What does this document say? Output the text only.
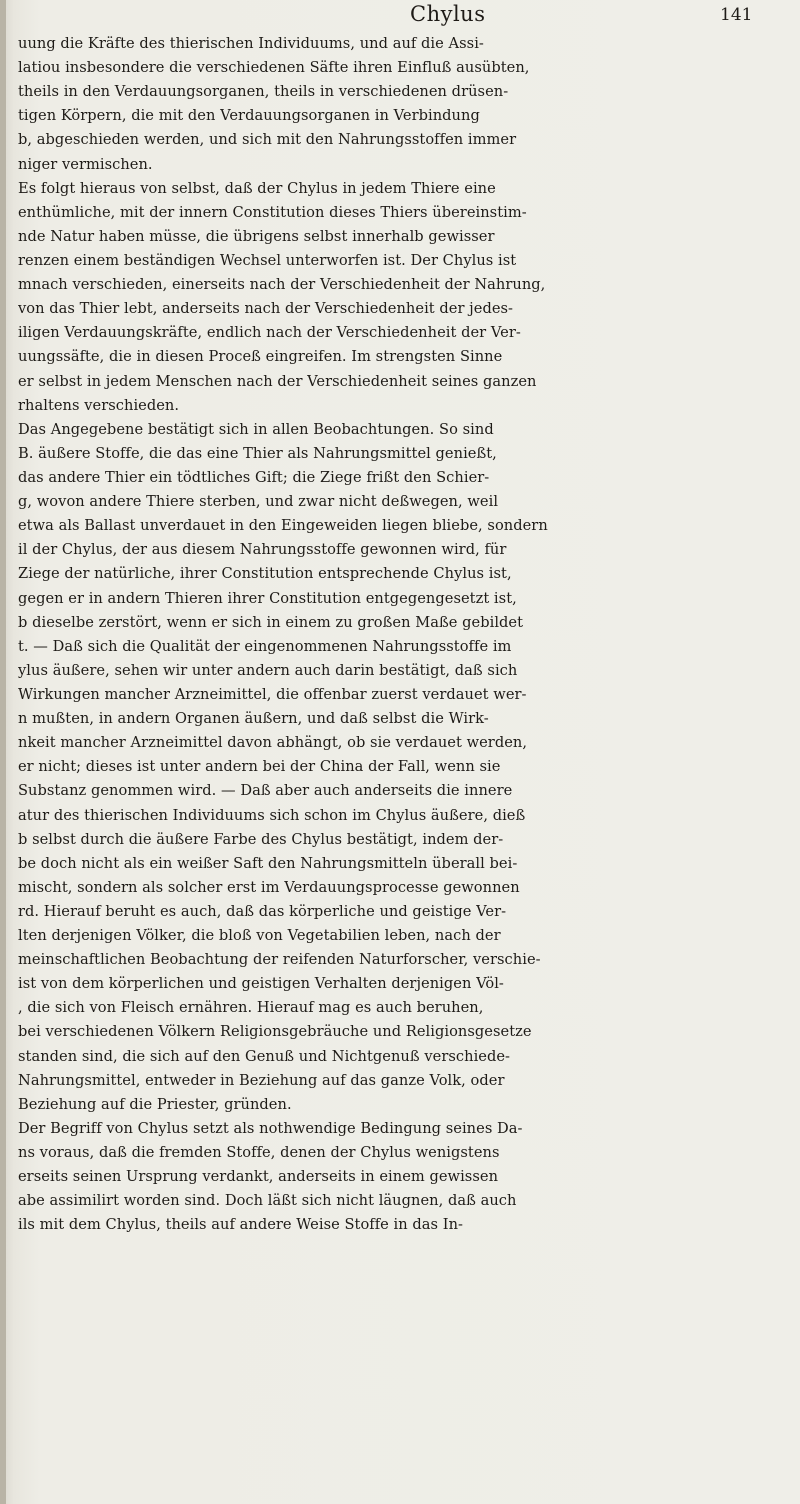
Chylus	141
uung die Kräfte des thierischen Individuums, und auf die Assi-
latiou insbesondere die verschiedenen Säfte ihren Einfluß ausübten,
theils in den Verdauungsorganen, theils in verschiedenen drüsen-
tigen Körpern, die mit den Verdauungsorganen in Verbindung
b, abgeschieden werden, und sich mit den Nahrungsstoffen immer
niger vermischen.
Es folgt hieraus von selbst, daß der Chylus in jedem Thiere eine
enthümliche, mit der innern Constitution dieses Thiers übereinstim-
nde Natur haben müsse, die übrigens selbst innerhalb gewisser
renzen einem beständigen Wechsel unterworfen ist. Der Chylus ist
mnach verschieden, einerseits nach der Verschiedenheit der Nahrung,
von das Thier lebt, anderseits nach der Verschiedenheit der jedes-
iligen Verdauungskräfte, endlich nach der Verschiedenheit der Ver-
uungssäfte, die in diesen Proceß eingreifen. Im strengsten Sinne
er selbst in jedem Menschen nach der Verschiedenheit seines ganzen
rhaltens verschieden.
Das Angegebene bestätigt sich in allen Beobachtungen. So sind
B. äußere Stoffe, die das eine Thier als Nahrungsmittel genießt,
das andere Thier ein tödtliches Gift; die Ziege frißt den Schier-
g, wovon andere Thiere sterben, und zwar nicht deßwegen, weil
etwa als Ballast unverdauet in den Eingeweiden liegen bliebe, sondern
il der Chylus, der aus diesem Nahrungsstoffe gewonnen wird, für
Ziege der natürliche, ihrer Constitution entsprechende Chylus ist,
gegen er in andern Thieren ihrer Constitution entgegengesetzt ist,
b dieselbe zerstört, wenn er sich in einem zu großen Maße gebildet
t. — Daß sich die Qualität der eingenommenen Nahrungsstoffe im
ylus äußere, sehen wir unter andern auch darin bestätigt, daß sich
Wirkungen mancher Arzneimittel, die offenbar zuerst verdauet wer-
n mußten, in andern Organen äußern, und daß selbst die Wirk-
nkeit mancher Arzneimittel davon abhängt, ob sie verdauet werden,
er nicht; dieses ist unter andern bei der China der Fall, wenn sie
Substanz genommen wird. — Daß aber auch anderseits die innere
atur des thierischen Individuums sich schon im Chylus äußere, dieß
b selbst durch die äußere Farbe des Chylus bestätigt, indem der-
be doch nicht als ein weißer Saft den Nahrungsmitteln überall bei-
mischt, sondern als solcher erst im Verdauungsprocesse gewonnen
rd. Hierauf beruht es auch, daß das körperliche und geistige Ver-
lten derjenigen Völker, die bloß von Vegetabilien leben, nach der
meinschaftlichen Beobachtung der reifenden Naturforscher, verschie-
ist von dem körperlichen und geistigen Verhalten derjenigen Völ-
, die sich von Fleisch ernähren. Hierauf mag es auch beruhen,
bei verschiedenen Völkern Religionsgebräuche und Religionsgesetze
standen sind, die sich auf den Genuß und Nichtgenuß verschiede-
Nahrungsmittel, entweder in Beziehung auf das ganze Volk, oder
Beziehung auf die Priester, gründen.
Der Begriff von Chylus setzt als nothwendige Bedingung seines Da-
ns voraus, daß die fremden Stoffe, denen der Chylus wenigstens
erseits seinen Ursprung verdankt, anderseits in einem gewissen
abe assimilirt worden sind. Doch läßt sich nicht läugnen, daß auch
ils mit dem Chylus, theils auf andere Weise Stoffe in das In-
